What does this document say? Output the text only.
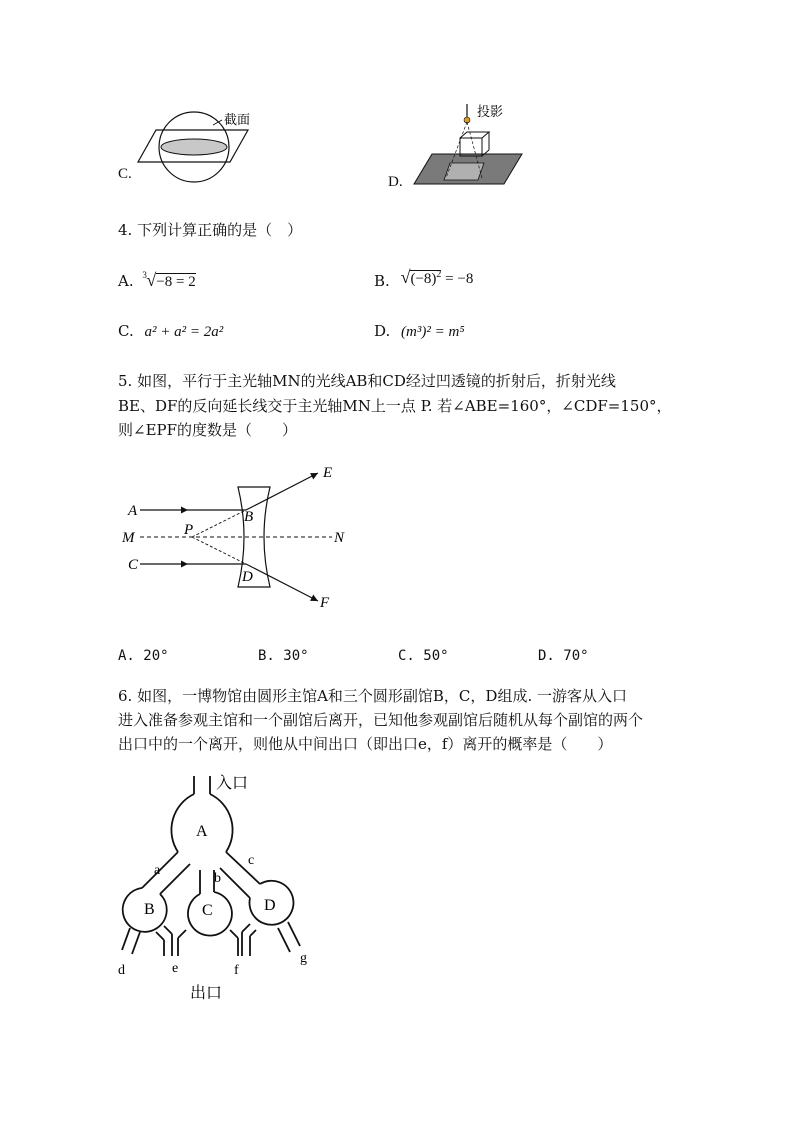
C.
截面
D.
投影
4. 下列计算正确的是（　）
A. 3 √−8 = 2	B. $√(-8)^2 = -8$
C. a² + a² = 2a²	D. (m³)² = m⁵
5. 如图，平行于主光轴MN的光线AB和CD经过凹透镜的折射后，折射光线
BE、DF的反向延长线交于主光轴MN上一点 P. 若∠ABE=160°，∠CDF=150°，
则∠EPF的度数是（　　）
A
M
C
P
B
D
E
N
F
A. 20°	B. 30°	C. 50°	D. 70°
6. 如图，一博物馆由圆形主馆A和三个圆形副馆B，C，D组成. 一游客从入口
进入准备参观主馆和一个副馆后离开，已知他参观副馆后随机从每个副馆的两个
出口中的一个离开，则他从中间出口（即出口e，f）离开的概率是（　　）
入口
A
B	C	D
a
b
c
d	e	f
g
出口
